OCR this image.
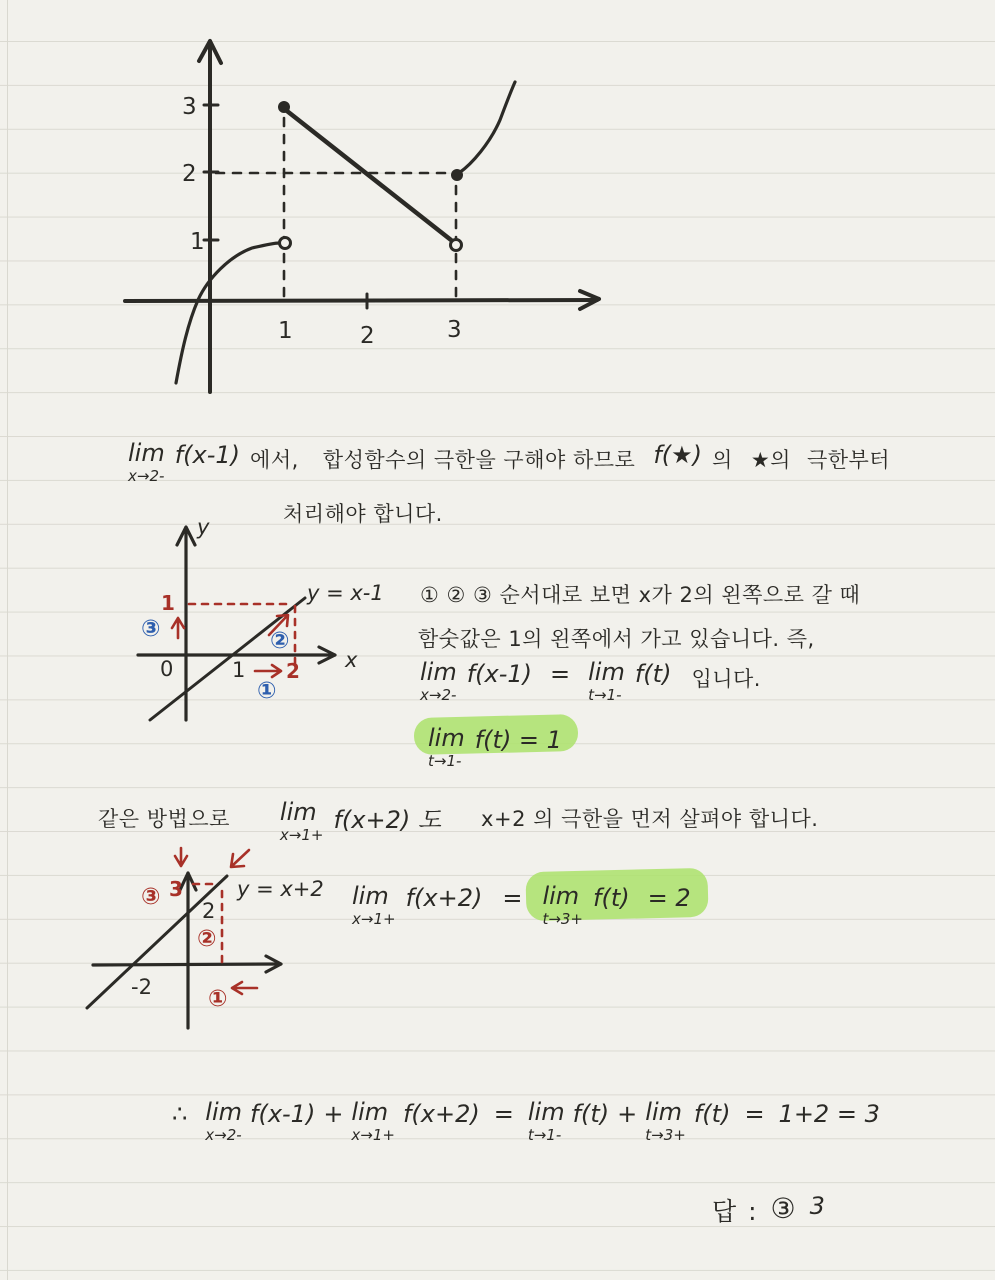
3
2
1
1	2	3
lim
x→2-
f(x-1) 에서, 합성함수의 극한을 구해야 하므로 f(★) 의 ★의 극한부터
처리해야 합니다.
y
x
0	1
1
2
y = x-1
③	②
①
① ② ③ 순서대로 보면 x가 2의 왼쪽으로 갈 때
함숫값은 1의 왼쪽에서 가고 있습니다. 즉,
lim
x→2-
f(x-1) = lim
t→1-
f(t) 입니다.
lim
t→1-
f(t) = 1
같은 방법으로 lim
x→1+
f(x+2) 도 x+2 의 극한을 먼저 살펴야 합니다.
3
2
-2
y = x+2
③
②
①
lim
x→1+
f(x+2) = lim
t→3+
f(t) = 2
∴ lim
x→2-
f(x-1) + lim
x→1+
f(x+2) = lim
t→1-
f(t) + lim
t→3+
f(t) = 1+2 = 3
답 : ③ 3
